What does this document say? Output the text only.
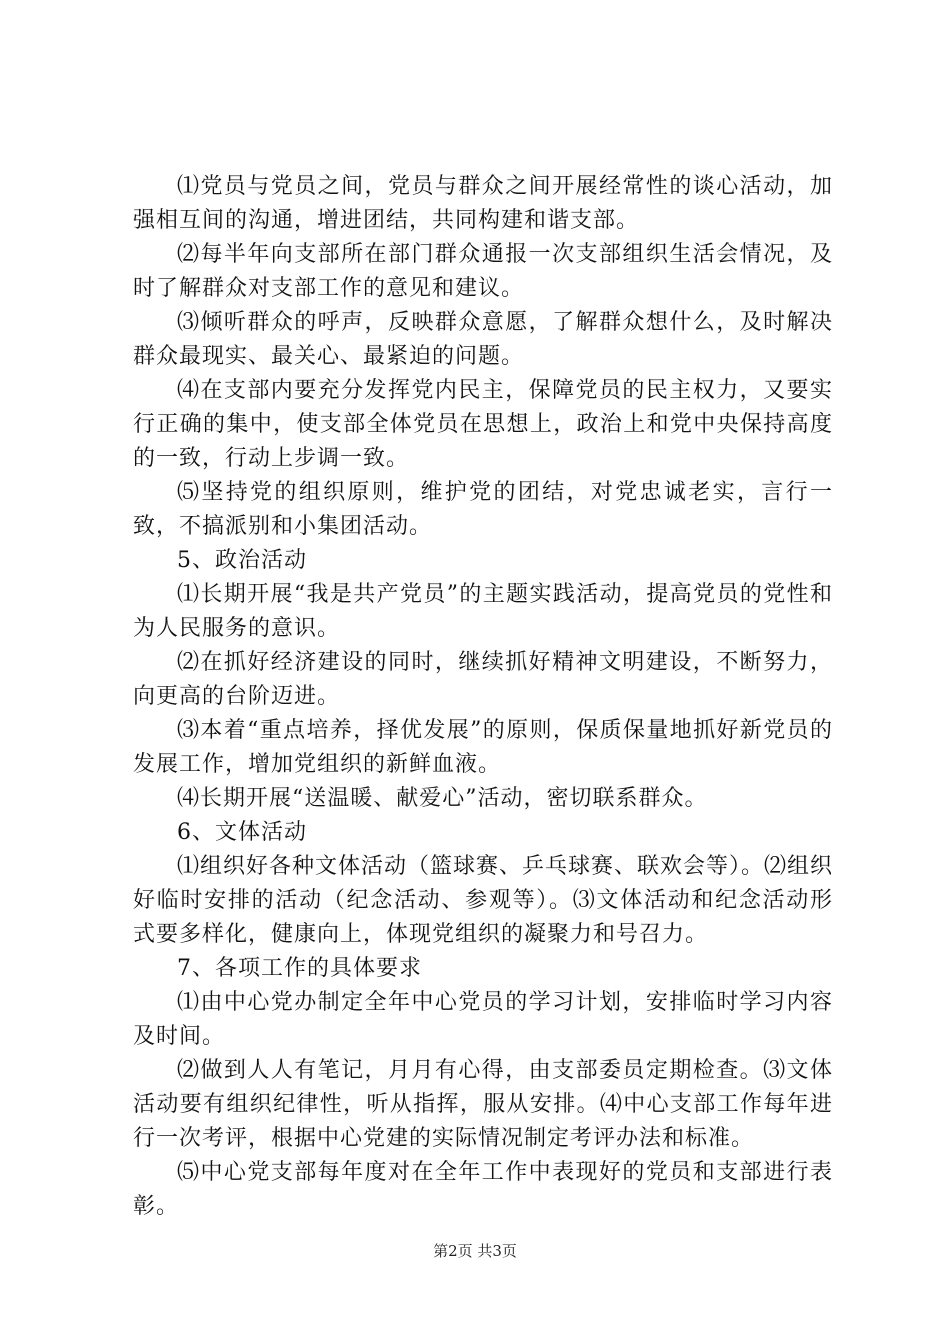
⑴党员与党员之间，党员与群众之间开展经常性的谈心活动，加强相互间的沟通，增进团结，共同构建和谐支部。

⑵每半年向支部所在部门群众通报一次支部组织生活会情况，及时了解群众对支部工作的意见和建议。

⑶倾听群众的呼声，反映群众意愿，了解群众想什么，及时解决群众最现实、最关心、最紧迫的问题。

⑷在支部内要充分发挥党内民主，保障党员的民主权力，又要实行正确的集中，使支部全体党员在思想上，政治上和党中央保持高度的一致，行动上步调一致。

⑸坚持党的组织原则，维护党的团结，对党忠诚老实，言行一致，不搞派别和小集团活动。

5、政治活动

⑴长期开展“我是共产党员”的主题实践活动，提高党员的党性和为人民服务的意识。

⑵在抓好经济建设的同时，继续抓好精神文明建设，不断努力，向更高的台阶迈进。

⑶本着“重点培养，择优发展”的原则，保质保量地抓好新党员的发展工作，增加党组织的新鲜血液。

⑷长期开展“送温暖、献爱心”活动，密切联系群众。

6、文体活动

⑴组织好各种文体活动（篮球赛、乒乓球赛、联欢会等）。⑵组织好临时安排的活动（纪念活动、参观等）。⑶文体活动和纪念活动形式要多样化，健康向上，体现党组织的凝聚力和号召力。

7、各项工作的具体要求

⑴由中心党办制定全年中心党员的学习计划，安排临时学习内容及时间。

⑵做到人人有笔记，月月有心得，由支部委员定期检查。⑶文体活动要有组织纪律性，听从指挥，服从安排。⑷中心支部工作每年进行一次考评，根据中心党建的实际情况制定考评办法和标准。

⑸中心党支部每年度对在全年工作中表现好的党员和支部进行表彰。

第2页 共3页
